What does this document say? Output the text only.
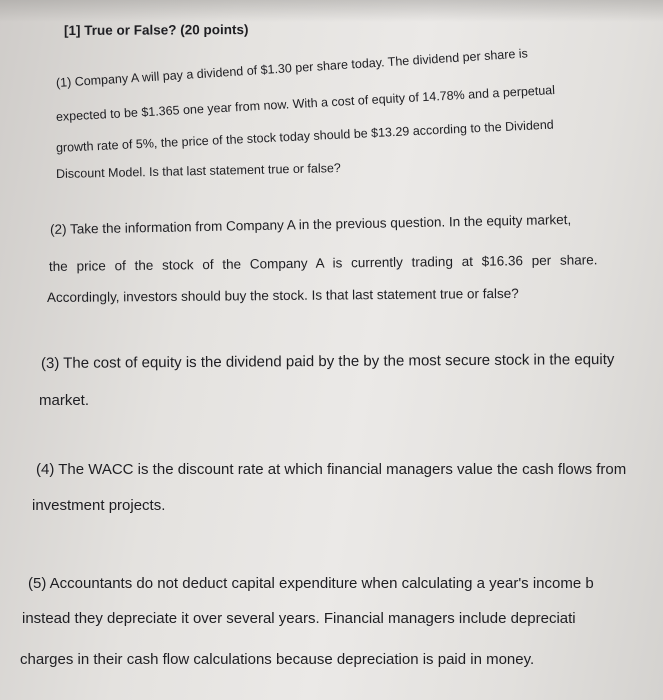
[1] True or False? (20 points)
(1) Company A will pay a dividend of $1.30 per share today. The dividend per share is
expected to be $1.365 one year from now. With a cost of equity of 14.78% and a perpetual
growth rate of 5%, the price of the stock today should be $13.29 according to the Dividend
Discount Model. Is that last statement true or false?
(2) Take the information from Company A in the previous question. In the equity market,
the price of the stock of the Company A is currently trading at $16.36 per share.
Accordingly, investors should buy the stock. Is that last statement true or false?
(3) The cost of equity is the dividend paid by the by the most secure stock in the equity
market.
(4) The WACC is the discount rate at which financial managers value the cash flows from
investment projects.
(5) Accountants do not deduct capital expenditure when calculating a year's income b
instead they depreciate it over several years. Financial managers include depreciati
charges in their cash flow calculations because depreciation is paid in money.
